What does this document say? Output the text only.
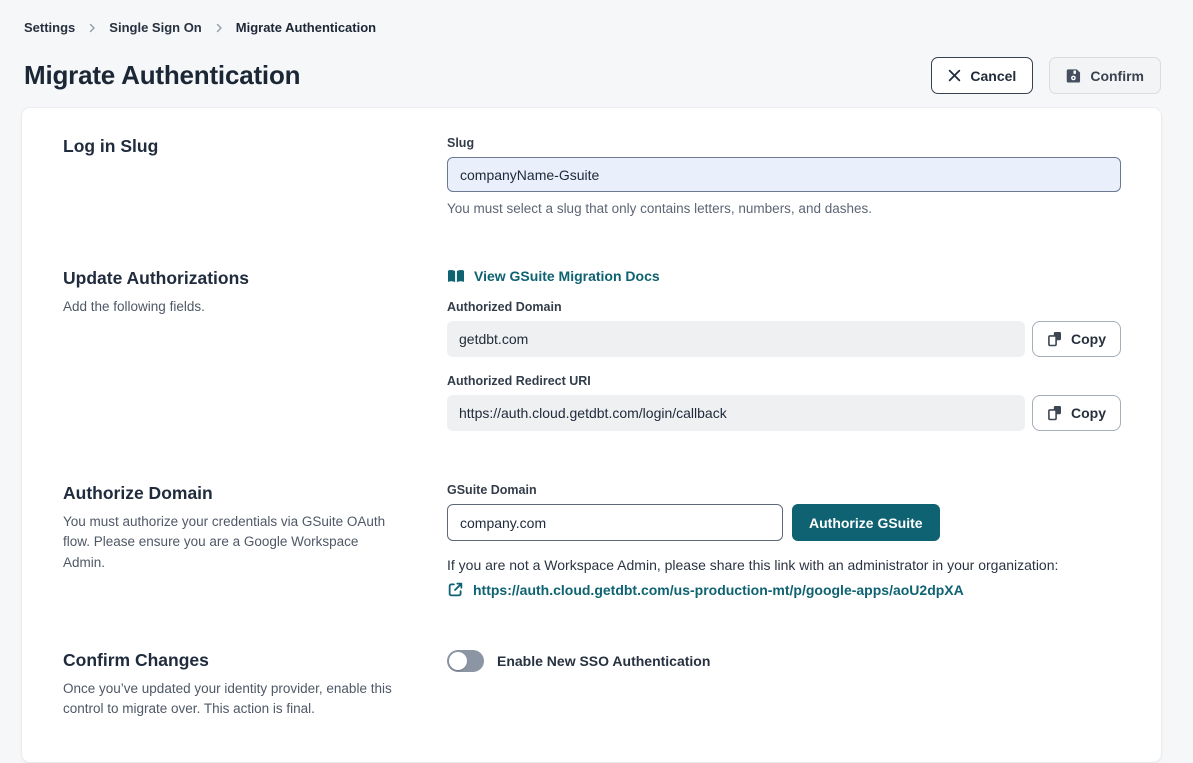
Settings	Single Sign On	Migrate Authentication
Migrate Authentication	Cancel	Confirm
Log in Slug	Slug
companyName-Gsuite

You must select a slug that only contains letters, numbers, and dashes.

Update Authorizations

Add the following fields.

View GSuite Migration Docs
Authorized Domain
getdbt.com
Copy
Authorized Redirect URI
https://auth.cloud.getdbt.com/login/callback
Copy
Authorize Domain

You must authorize your credentials via GSuite OAuth flow. Please ensure you are a Google Workspace Admin.

GSuite Domain
company.com
Authorize GSuite

If you are not a Workspace Admin, please share this link with an administrator in your organization:

https://auth.cloud.getdbt.com/us-production-mt/p/google-apps/aoU2dpXA
Confirm Changes

Once you’ve updated your identity provider, enable this control to migrate over. This action is final.

Enable New SSO Authentication
